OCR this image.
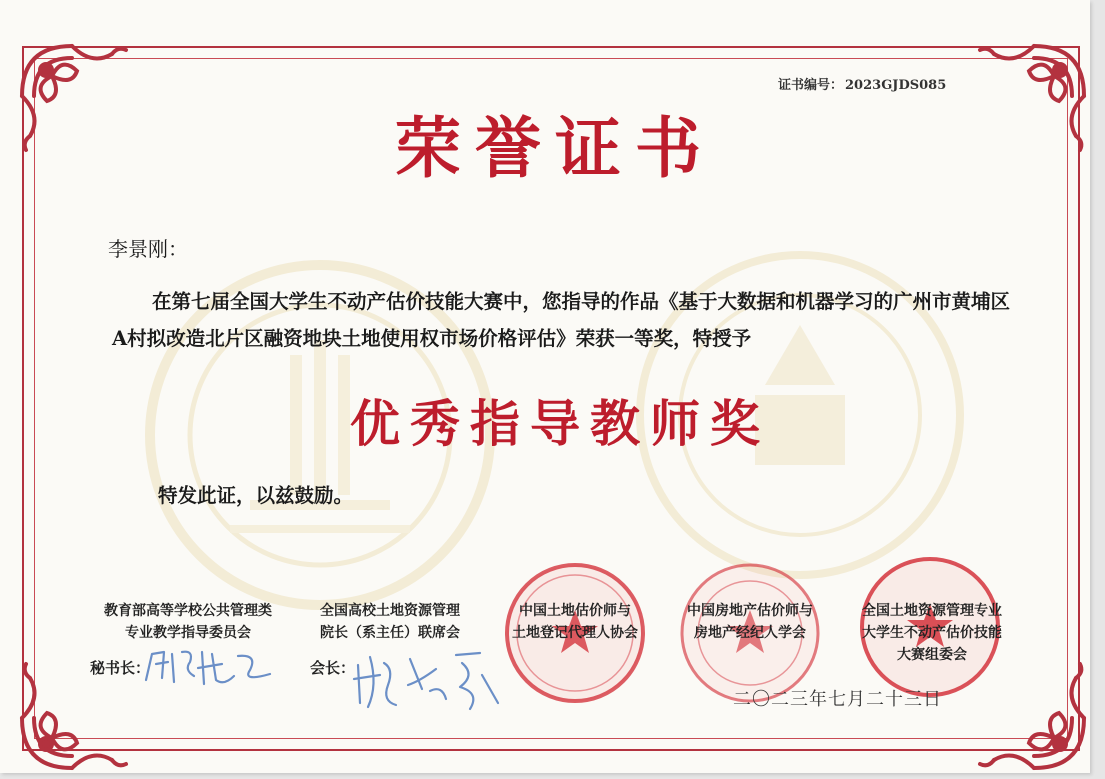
证书编号： 2023GJDS085
荣誉证书
李景刚：
在第七届全国大学生不动产估价技能大赛中，您指导的作品《基于大数据和机器学习的广州市黄埔区A村拟改造北片区融资地块土地使用权市场价格评估》荣获一等奖，特授予
优秀指导教师奖
特发此证，以兹鼓励。
教育部高等学校公共管理类
专业教学指导委员会
全国高校土地资源管理
院长（系主任）联席会
中国土地估价师与
土地登记代理人协会
中国房地产估价师与
房地产经纪人学会
全国土地资源管理专业
大学生不动产估价技能
大赛组委会
秘书长：	会长：
二〇二三年七月二十三日
